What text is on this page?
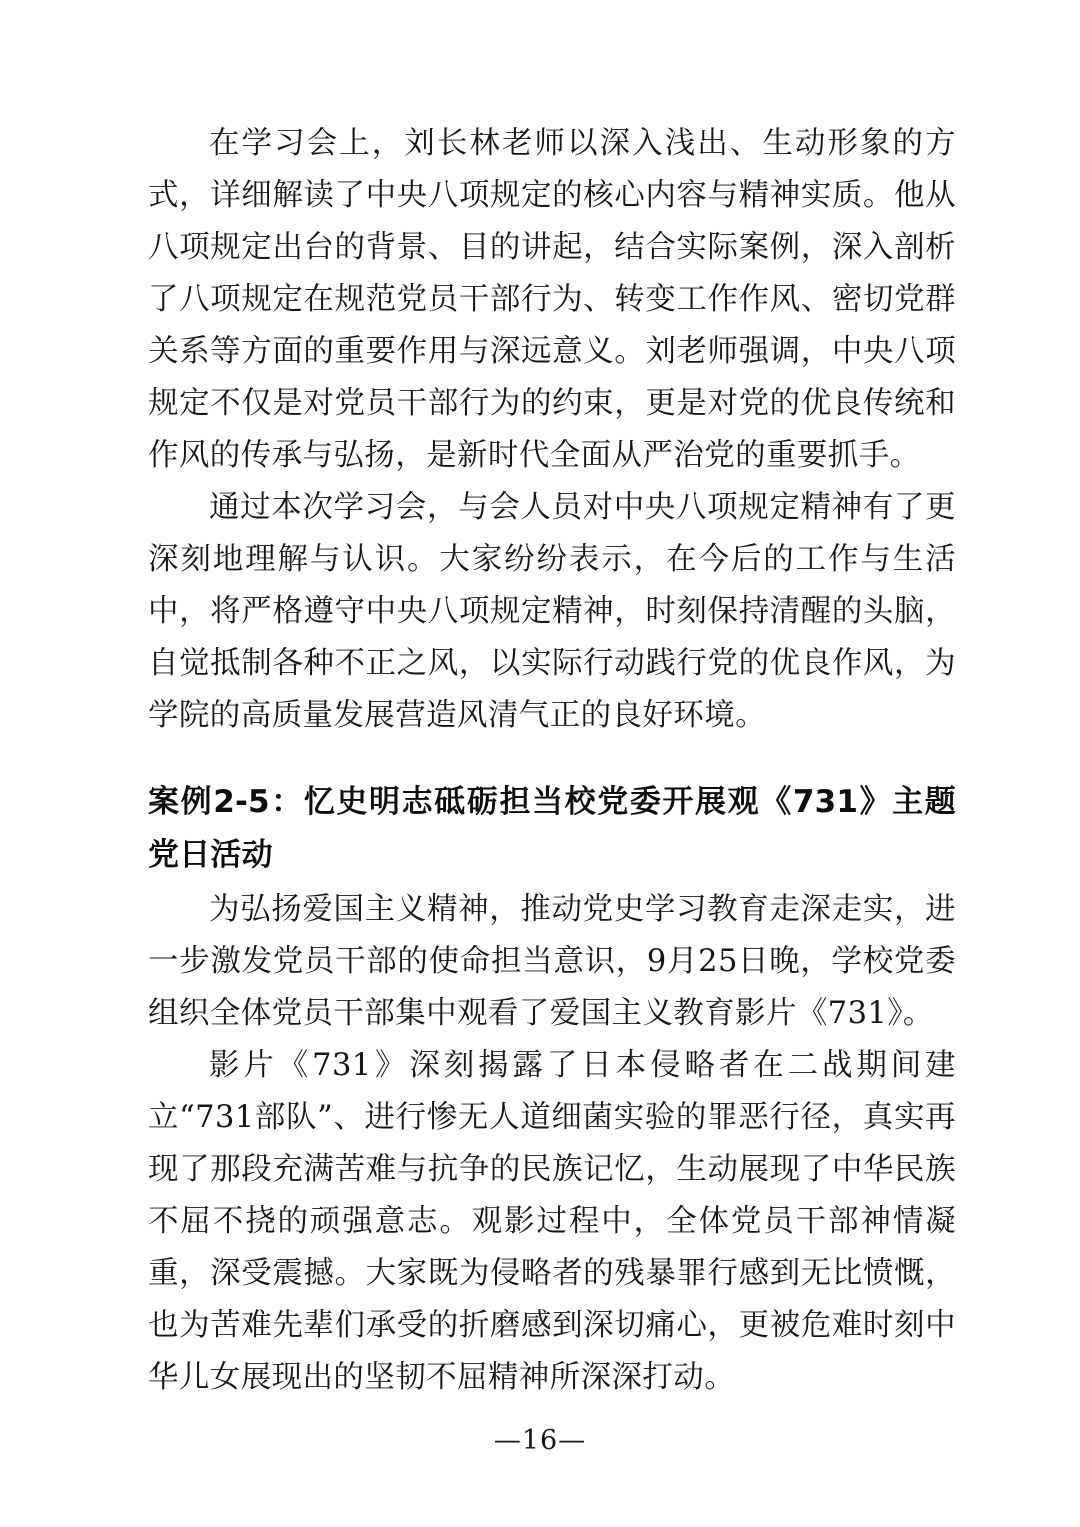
在学习会上，刘长林老师以深入浅出、生动形象的方式，详细解读了中央八项规定的核心内容与精神实质。他从八项规定出台的背景、目的讲起，结合实际案例，深入剖析了八项规定在规范党员干部行为、转变工作作风、密切党群关系等方面的重要作用与深远意义。刘老师强调，中央八项规定不仅是对党员干部行为的约束，更是对党的优良传统和作风的传承与弘扬，是新时代全面从严治党的重要抓手。

通过本次学习会，与会人员对中央八项规定精神有了更深刻地理解与认识。大家纷纷表示，在今后的工作与生活中，将严格遵守中央八项规定精神，时刻保持清醒的头脑，自觉抵制各种不正之风，以实际行动践行党的优良作风，为学院的高质量发展营造风清气正的良好环境。

案例2-5：忆史明志砥砺担当校党委开展观《731》主题党日活动

为弘扬爱国主义精神，推动党史学习教育走深走实，进一步激发党员干部的使命担当意识，9月25日晚，学校党委组织全体党员干部集中观看了爱国主义教育影片《731》。

影片《731》深刻揭露了日本侵略者在二战期间建立“731部队”、进行惨无人道细菌实验的罪恶行径，真实再现了那段充满苦难与抗争的民族记忆，生动展现了中华民族不屈不挠的顽强意志。观影过程中，全体党员干部神情凝重，深受震撼。大家既为侵略者的残暴罪行感到无比愤慨，也为苦难先辈们承受的折磨感到深切痛心，更被危难时刻中华儿女展现出的坚韧不屈精神所深深打动。

—16—
